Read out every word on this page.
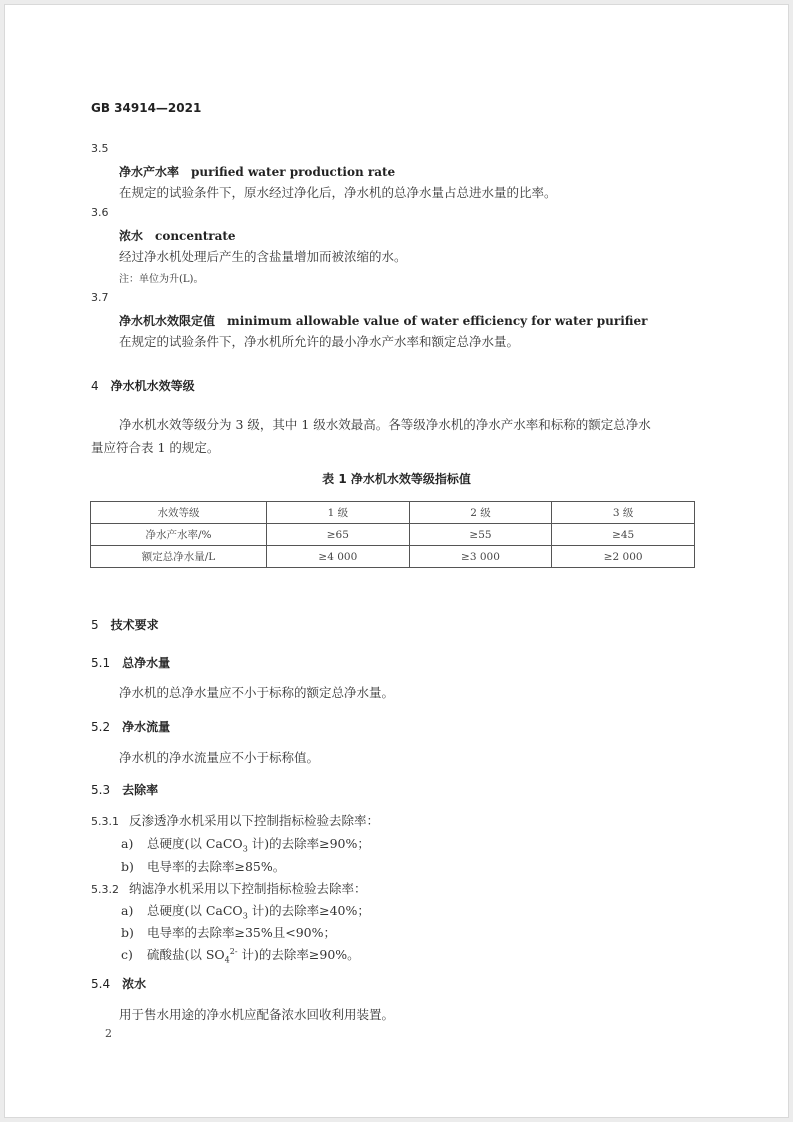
GB 34914—2021
3.5
净水产水率 purified water production rate
在规定的试验条件下，原水经过净化后，净水机的总净水量占总进水量的比率。
3.6
浓水 concentrate
经过净水机处理后产生的含盐量增加而被浓缩的水。
注：单位为升(L)。
3.7
净水机水效限定值 minimum allowable value of water efficiency for water purifier
在规定的试验条件下，净水机所允许的最小净水产水率和额定总净水量。
4 净水机水效等级
净水机水效等级分为 3 级，其中 1 级水效最高。各等级净水机的净水产水率和标称的额定总净水
量应符合表 1 的规定。
表 1 净水机水效等级指标值
水效等级	1 级	2 级	3 级
净水产水率/%	≥65	≥55	≥45
额定总净水量/L	≥4 000	≥3 000	≥2 000
5 技术要求
5.1 总净水量
净水机的总净水量应不小于标称的额定总净水量。
5.2 净水流量
净水机的净水流量应不小于标称值。
5.3 去除率
5.3.1 反渗透净水机采用以下控制指标检验去除率：
a) 总硬度(以 CaCO$_3$ 计)的去除率≥90%；
b) 电导率的去除率≥85%。
5.3.2 纳滤净水机采用以下控制指标检验去除率：
a) 总硬度(以 CaCO$_3$ 计)的去除率≥40%；
b) 电导率的去除率≥35%且<90%；
c) 硫酸盐(以 $SO_4^{2-}$ 计)的去除率≥90%。
5.4 浓水
用于售水用途的净水机应配备浓水回收利用装置。
2
